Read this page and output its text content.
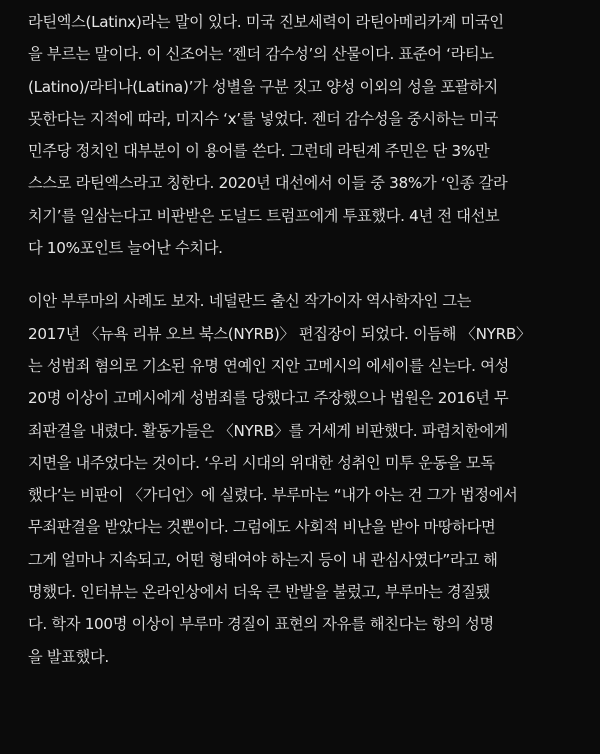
라틴엑스(Latinx)라는 말이 있다. 미국 진보세력이 라틴아메리카계 미국인
을 부르는 말이다. 이 신조어는 ‘젠더 감수성’의 산물이다. 표준어 ‘라티노
(Latino)/라티나(Latina)’가 성별을 구분 짓고 양성 이외의 성을 포괄하지
못한다는 지적에 따라, 미지수 ‘x’를 넣었다. 젠더 감수성을 중시하는 미국
민주당 정치인 대부분이 이 용어를 쓴다. 그런데 라틴계 주민은 단 3%만
스스로 라틴엑스라고 칭한다. 2020년 대선에서 이들 중 38%가 ‘인종 갈라
치기’를 일삼는다고 비판받은 도널드 트럼프에게 투표했다. 4년 전 대선보
다 10%포인트 늘어난 수치다.

이안 부루마의 사례도 보자. 네덜란드 출신 작가이자 역사학자인 그는
2017년 〈뉴욕 리뷰 오브 북스(NYRB)〉 편집장이 되었다. 이듬해 〈NYRB〉
는 성범죄 혐의로 기소된 유명 연예인 지안 고메시의 에세이를 싣는다. 여성
20명 이상이 고메시에게 성범죄를 당했다고 주장했으나 법원은 2016년 무
죄판결을 내렸다. 활동가들은 〈NYRB〉를 거세게 비판했다. 파렴치한에게
지면을 내주었다는 것이다. ‘우리 시대의 위대한 성취인 미투 운동을 모독
했다’는 비판이 〈가디언〉에 실렸다. 부루마는 “내가 아는 건 그가 법정에서
무죄판결을 받았다는 것뿐이다. 그럼에도 사회적 비난을 받아 마땅하다면
그게 얼마나 지속되고, 어떤 형태여야 하는지 등이 내 관심사였다”라고 해
명했다. 인터뷰는 온라인상에서 더욱 큰 반발을 불렀고, 부루마는 경질됐
다. 학자 100명 이상이 부루마 경질이 표현의 자유를 해친다는 항의 성명
을 발표했다.
